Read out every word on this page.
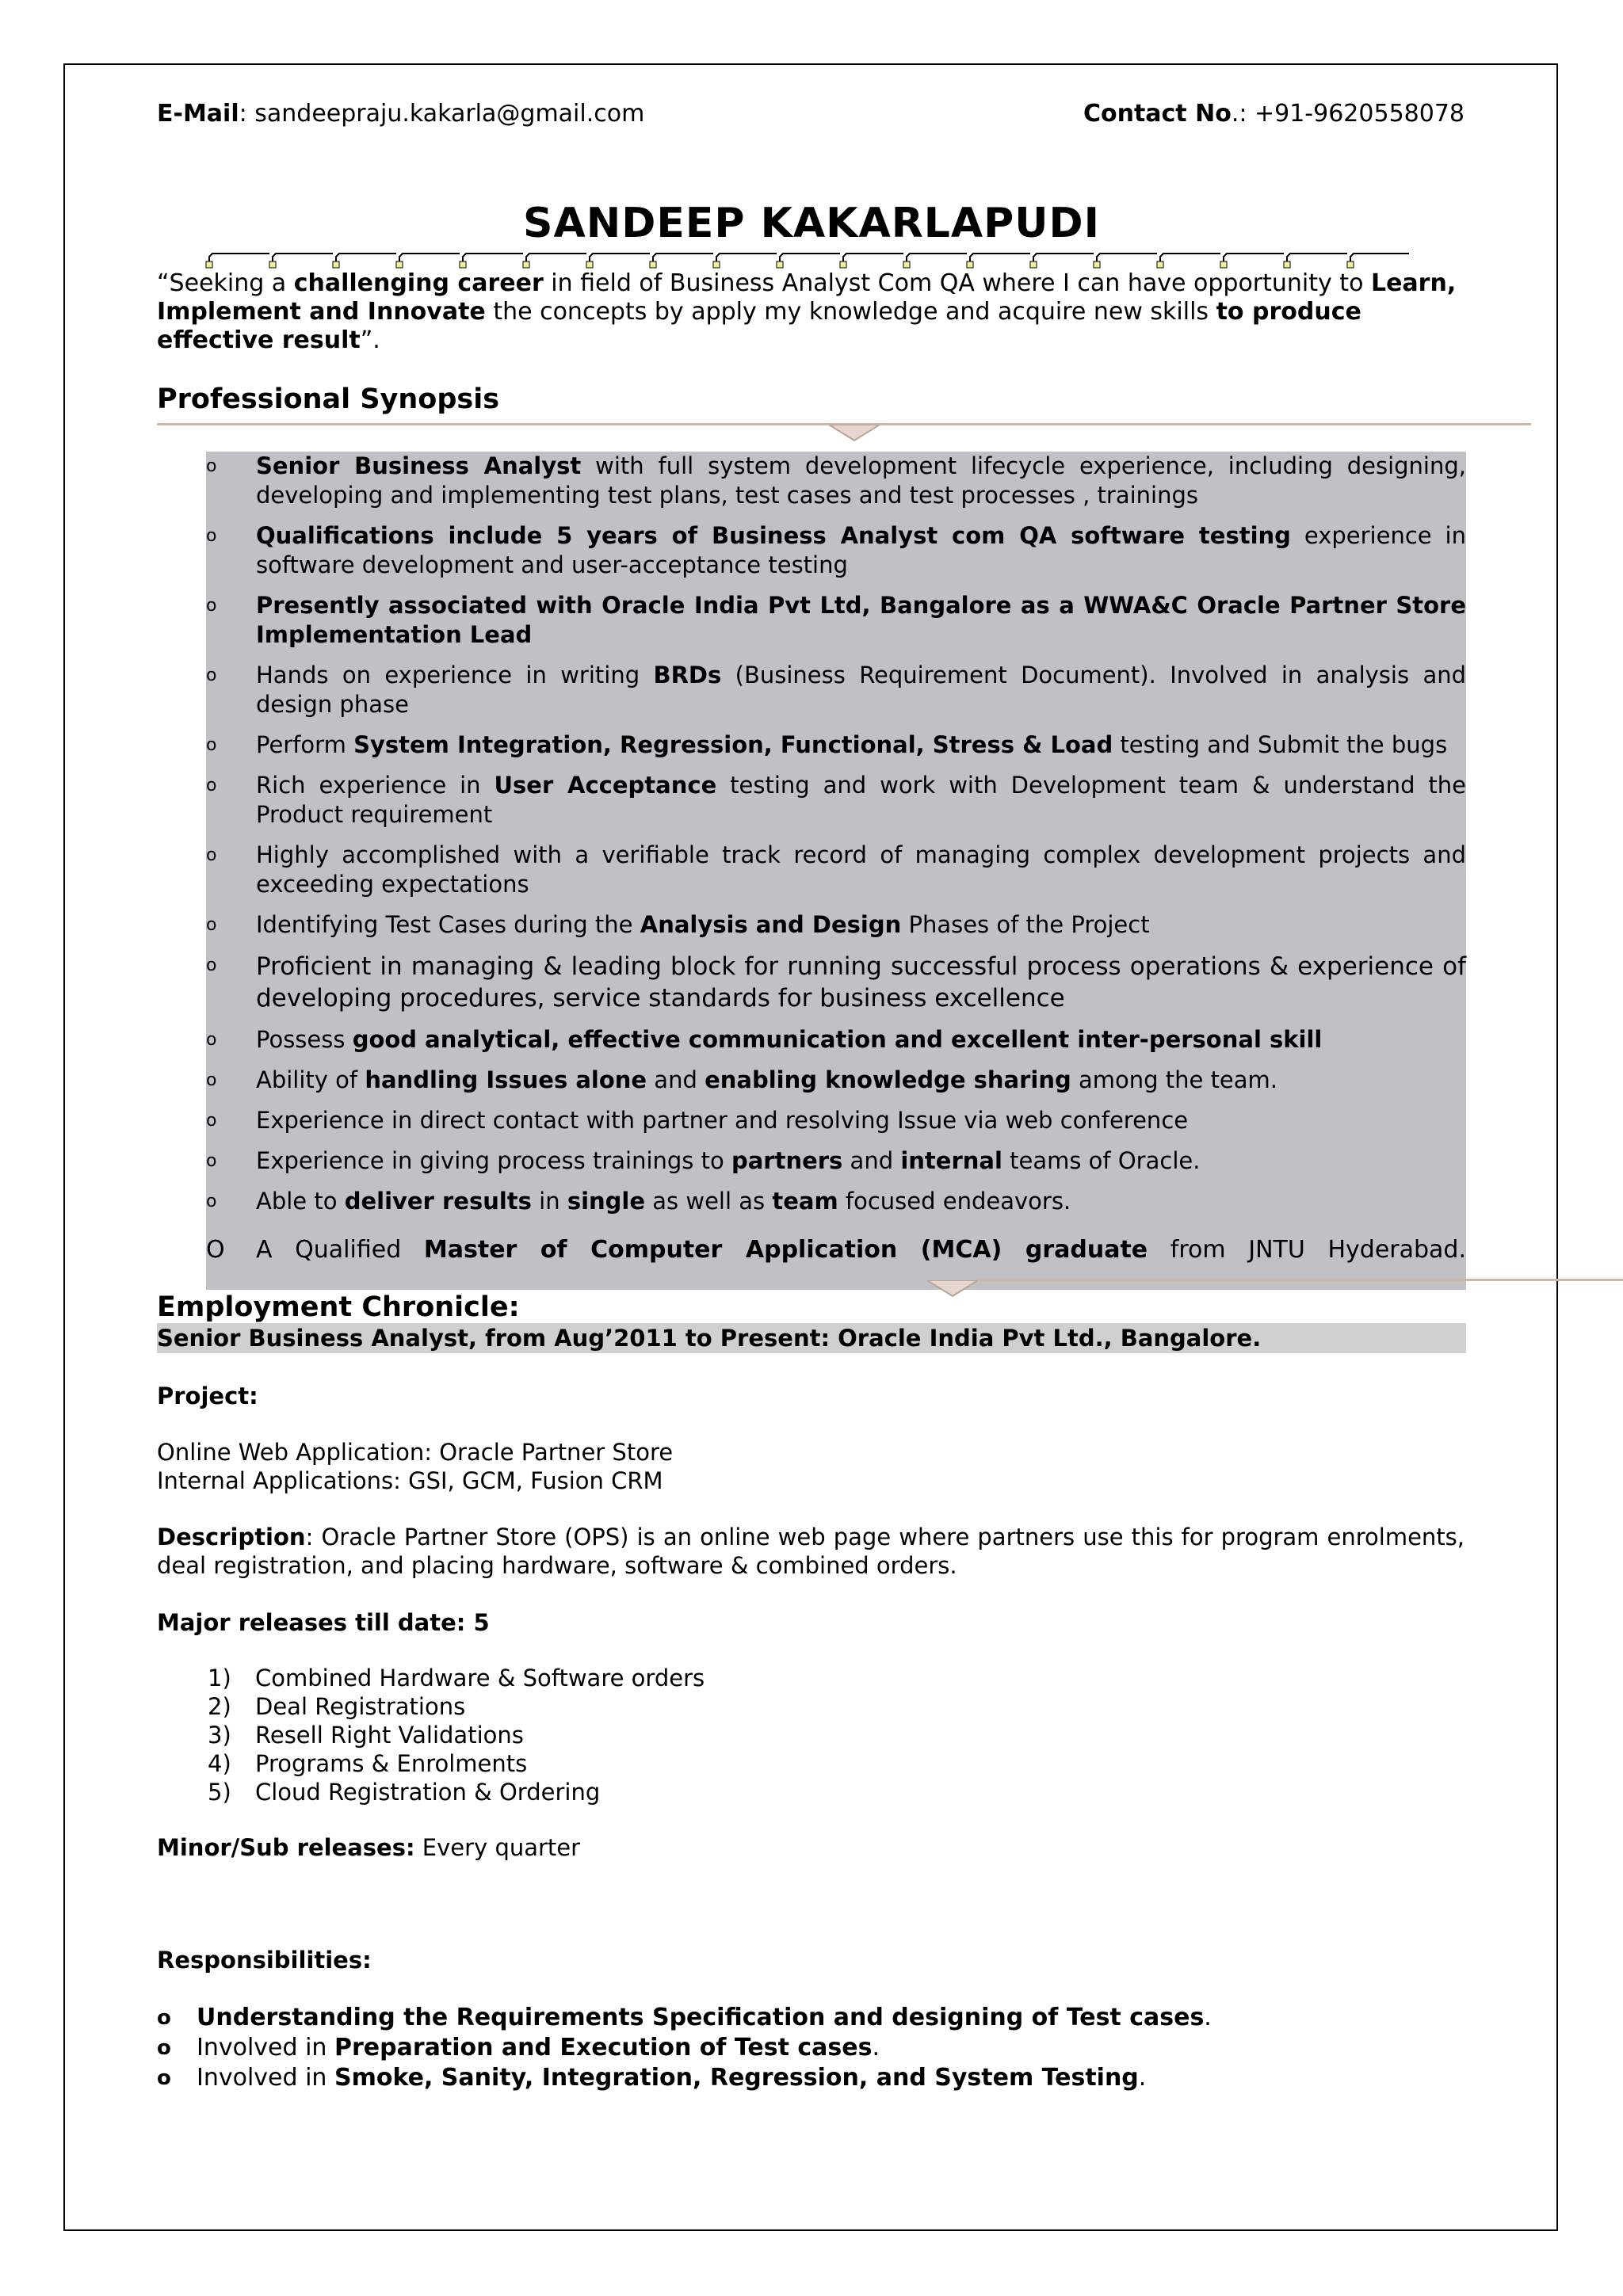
E-Mail: sandeepraju.kakarla@gmail.com	Contact No.: +91-9620558078
SANDEEP KAKARLAPUDI
“Seeking a challenging career in field of Business Analyst Com QA where I can have opportunity to Learn, Implement and Innovate the concepts by apply my knowledge and acquire new skills to produce effective result”.
Professional Synopsis
o Senior Business Analyst with full system development lifecycle experience, including designing, developing and implementing test plans, test cases and test processes , trainings
o Qualifications include 5 years of Business Analyst com QA software testing experience in software development and user-acceptance testing
o Presently associated with Oracle India Pvt Ltd, Bangalore as a WWA&C Oracle Partner Store Implementation Lead
o Hands on experience in writing BRDs (Business Requirement Document). Involved in analysis and design phase
o Perform System Integration, Regression, Functional, Stress & Load testing and Submit the bugs
o Rich experience in User Acceptance testing and work with Development team & understand the Product requirement
o Highly accomplished with a verifiable track record of managing complex development projects and exceeding expectations
o Identifying Test Cases during the Analysis and Design Phases of the Project
o Proficient in managing & leading block for running successful process operations & experience of developing procedures, service standards for business excellence
o Possess good analytical, effective communication and excellent inter-personal skill
o Ability of handling Issues alone and enabling knowledge sharing among the team.
o Experience in direct contact with partner and resolving Issue via web conference
o Experience in giving process trainings to partners and internal teams of Oracle.
o Able to deliver results in single as well as team focused endeavors.
O A Qualified Master of Computer Application (MCA) graduate from JNTU Hyderabad.
Employment Chronicle:
Senior Business Analyst, from Aug’2011 to Present: Oracle India Pvt Ltd., Bangalore.
Project:
Online Web Application: Oracle Partner Store
Internal Applications: GSI, GCM, Fusion CRM
Description: Oracle Partner Store (OPS) is an online web page where partners use this for program enrolments, deal registration, and placing hardware, software & combined orders.
Major releases till date: 5
1) Combined Hardware & Software orders
2) Deal Registrations
3) Resell Right Validations
4) Programs & Enrolments
5) Cloud Registration & Ordering
Minor/Sub releases: Every quarter
Responsibilities:
o Understanding the Requirements Specification and designing of Test cases.
o Involved in Preparation and Execution of Test cases.
o Involved in Smoke, Sanity, Integration, Regression, and System Testing.
